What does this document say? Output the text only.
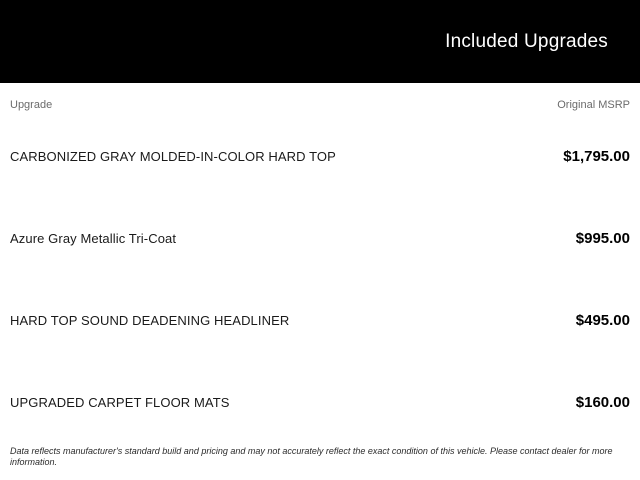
Included Upgrades
Upgrade	Original MSRP
CARBONIZED GRAY MOLDED-IN-COLOR HARD TOP	$1,795.00
Azure Gray Metallic Tri-Coat	$995.00
HARD TOP SOUND DEADENING HEADLINER	$495.00
UPGRADED CARPET FLOOR MATS	$160.00
Data reflects manufacturer's standard build and pricing and may not accurately reflect the exact condition of this vehicle. Please contact dealer for more information.
